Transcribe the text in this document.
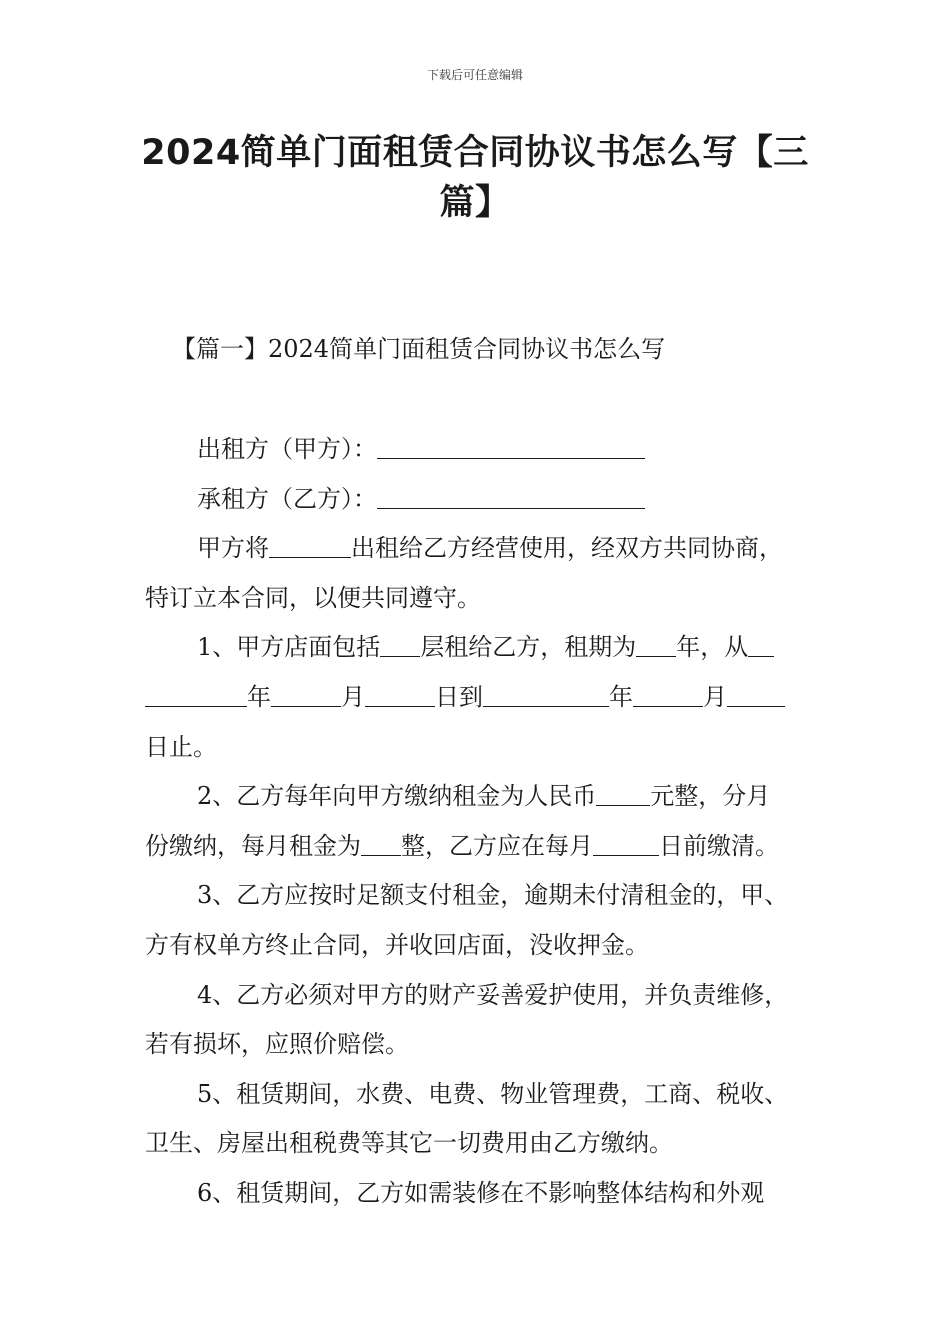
下载后可任意编辑
2024简单门面租赁合同协议书怎么写【三篇】
【篇一】2024简单门面租赁合同协议书怎么写
出租方（甲方）：
承租方（乙方）：
甲方将	出租给乙方经营使用，经双方共同协商，
特订立本合同，以便共同遵守。
1、甲方店面包括 层租给乙方，租期为 年，从
年	月	日到	年	月
日止。
2、乙方每年向甲方缴纳租金为人民币 元整，分月
份缴纳，每月租金为 整，乙方应在每月	日前缴清。
3、乙方应按时足额支付租金，逾期未付清租金的，甲、
方有权单方终止合同，并收回店面，没收押金。
4、乙方必须对甲方的财产妥善爱护使用，并负责维修，
若有损坏，应照价赔偿。
5、租赁期间，水费、电费、物业管理费，工商、税收、
卫生、房屋出租税费等其它一切费用由乙方缴纳。
6、租赁期间，乙方如需装修在不影响整体结构和外观
